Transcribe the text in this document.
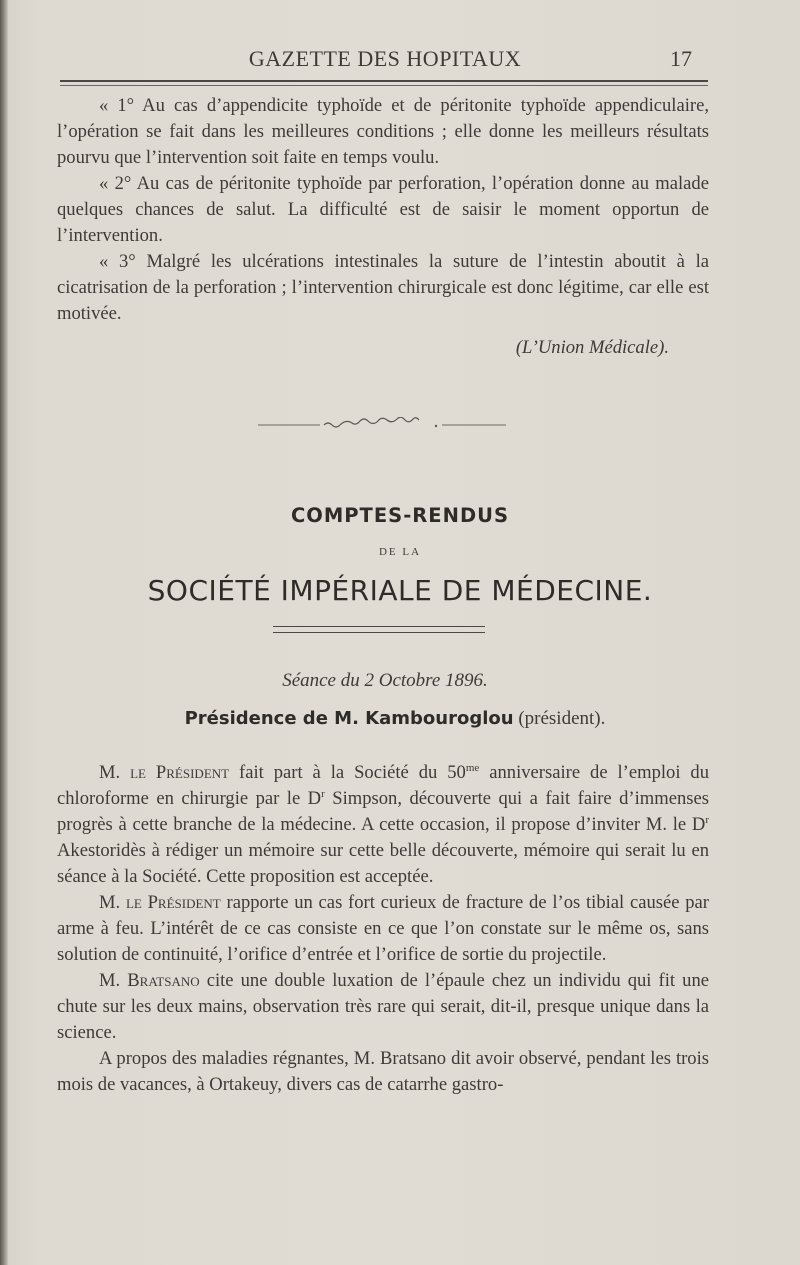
GAZETTE DES HOPITAUX	17

« 1° Au cas d’appendicite typhoïde et de péritonite typhoïde appendiculaire, l’opération se fait dans les meilleures conditions ; elle donne les meilleurs résultats pourvu que l’intervention soit faite en temps voulu.

« 2° Au cas de péritonite typhoïde par perforation, l’opération donne au malade quelques chances de salut. La difficulté est de saisir le moment opportun de l’intervention.

« 3° Malgré les ulcérations intestinales la suture de l’intestin aboutit à la cicatrisation de la perforation ; l’intervention chirurgicale est donc légitime, car elle est motivée.

(L’Union Médicale).
COMPTES-RENDUS
DE LA
SOCIÉTÉ IMPÉRIALE DE MÉDECINE.
Séance du 2 Octobre 1896.
Présidence de M. Kambouroglou (président).

M. le Président fait part à la Société du $50^{me}$ anniversaire de l’emploi du chloroforme en chirurgie par le $D^r$ Simpson, découverte qui a fait faire d’immenses progrès à cette branche de la médecine. A cette occasion, il propose d’inviter M. le $D^r$ Akestoridès à rédiger un mémoire sur cette belle découverte, mémoire qui serait lu en séance à la Société. Cette proposition est acceptée.

M. le Président rapporte un cas fort curieux de fracture de l’os tibial causée par arme à feu. L’intérêt de ce cas consiste en ce que l’on constate sur le même os, sans solution de continuité, l’orifice d’entrée et l’orifice de sortie du projectile.

M. Bratsano cite une double luxation de l’épaule chez un individu qui fit une chute sur les deux mains, observation très rare qui serait, dit-il, presque unique dans la science.

A propos des maladies régnantes, M. Bratsano dit avoir observé, pendant les trois mois de vacances, à Ortakeuy, divers cas de catarrhe gastro-
